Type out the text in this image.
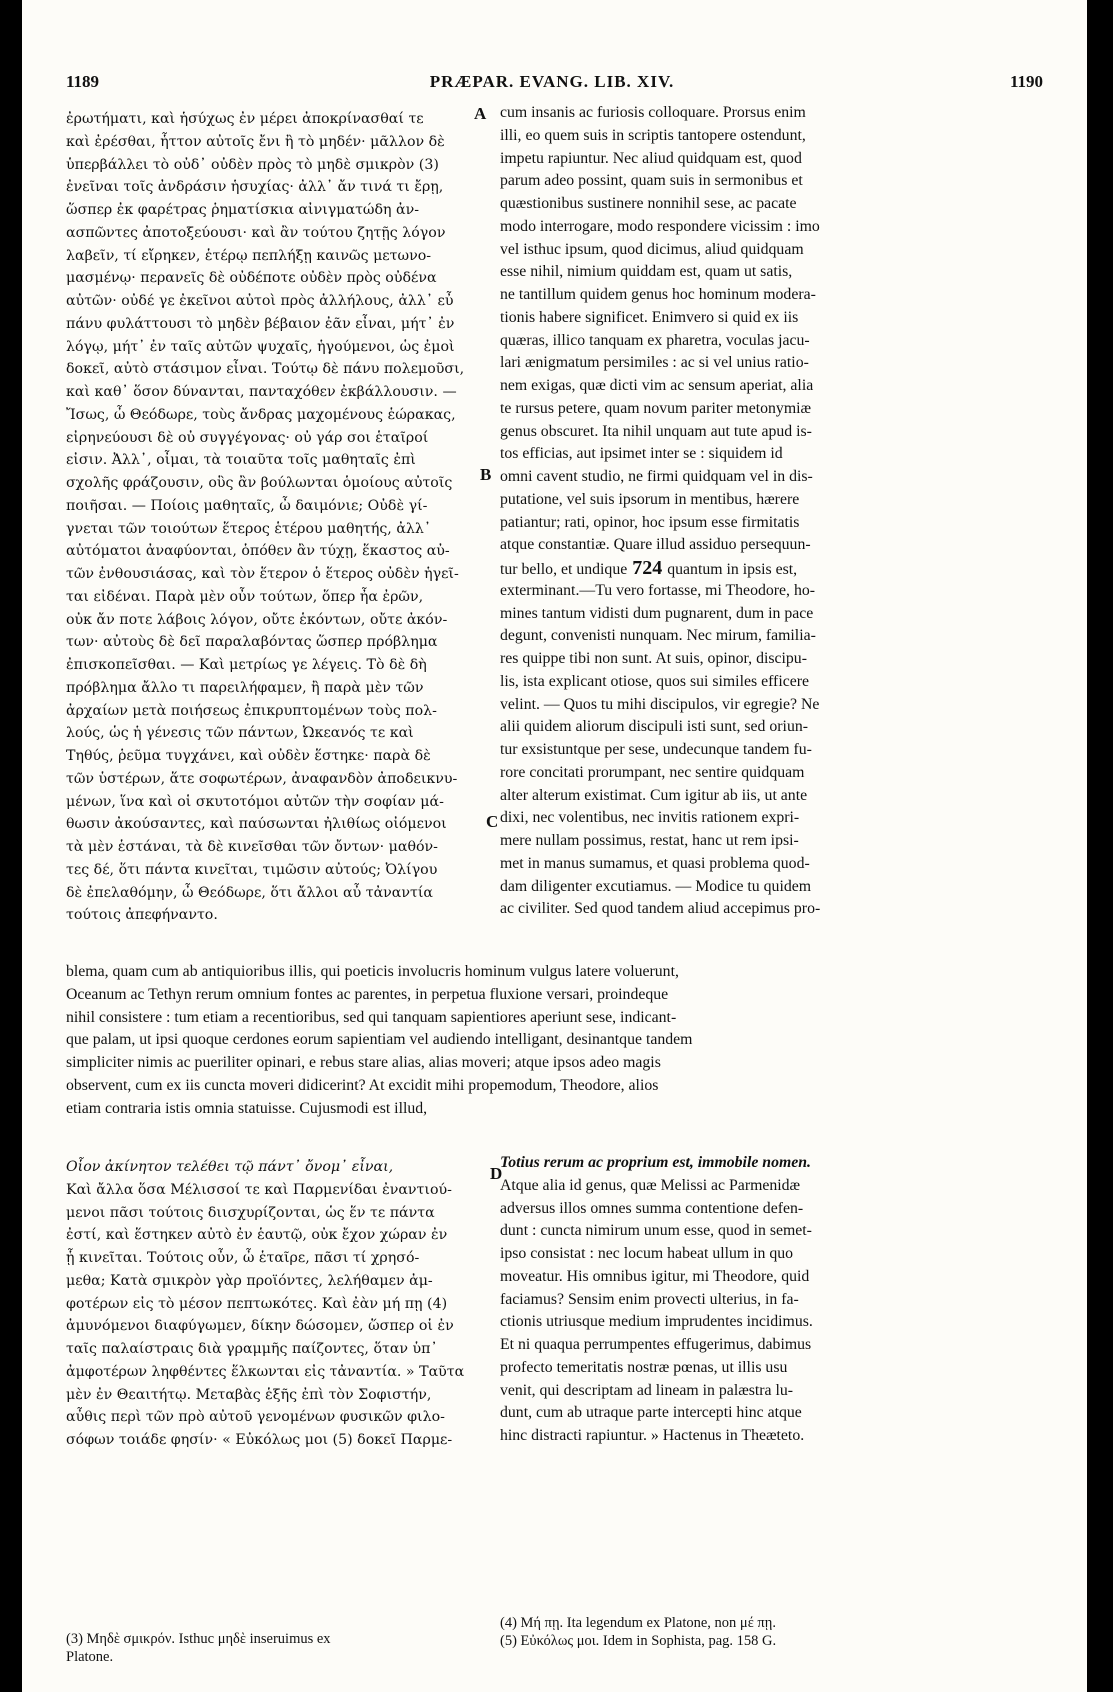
1189	PRÆPAR. EVANG. LIB. XIV.	1190
A
B
C
D
ἐρωτήματι, καὶ ἡσύχως ἐν μέρει ἀποκρίνασθαί τε
καὶ ἐρέσθαι, ἧττον αὐτοῖς ἔνι ἢ τὸ μηδέν· μᾶλλον δὲ
ὑπερβάλλει τὸ οὐδ᾽ οὐδὲν πρὸς τὸ μηδὲ σμικρὸν (3)
ἐνεῖναι τοῖς ἀνδράσιν ἡσυχίας· ἀλλ᾽ ἄν τινά τι ἔρῃ,
ὥσπερ ἐκ φαρέτρας ῥηματίσκια αἰνιγματώδη ἀν-
ασπῶντες ἀποτοξεύουσι· καὶ ἂν τούτου ζητῇς λόγον
λαβεῖν, τί εἴρηκεν, ἑτέρῳ πεπλήξῃ καινῶς μετωνο-
μασμένῳ· περανεῖς δὲ οὐδέποτε οὐδὲν πρὸς οὐδένα
αὐτῶν· οὐδέ γε ἐκεῖνοι αὐτοὶ πρὸς ἀλλήλους, ἀλλ᾽ εὖ
πάνυ φυλάττουσι τὸ μηδὲν βέβαιον ἐᾶν εἶναι, μήτ᾽ ἐν
λόγῳ, μήτ᾽ ἐν ταῖς αὐτῶν ψυχαῖς, ἡγούμενοι, ὡς ἐμοὶ
δοκεῖ, αὐτὸ στάσιμον εἶναι. Τούτῳ δὲ πάνυ πολεμοῦσι,
καὶ καθ᾽ ὅσον δύνανται, πανταχόθεν ἐκβάλλουσιν. —
Ἴσως, ὦ Θεόδωρε, τοὺς ἄνδρας μαχομένους ἑώρακας,
εἰρηνεύουσι δὲ οὐ συγγέγονας· οὐ γάρ σοι ἑταῖροί
εἰσιν. Ἀλλ᾽, οἶμαι, τὰ τοιαῦτα τοῖς μαθηταῖς ἐπὶ
σχολῆς φράζουσιν, οὓς ἂν βούλωνται ὁμοίους αὐτοῖς
ποιῆσαι. — Ποίοις μαθηταῖς, ὦ δαιμόνιε; Οὐδὲ γί-
γνεται τῶν τοιούτων ἕτερος ἑτέρου μαθητής, ἀλλ᾽
αὐτόματοι ἀναφύονται, ὁπόθεν ἂν τύχῃ, ἕκαστος αὐ-
τῶν ἐνθουσιάσας, καὶ τὸν ἕτερον ὁ ἕτερος οὐδὲν ἡγεῖ-
ται εἰδέναι. Παρὰ μὲν οὖν τούτων, ὅπερ ἦα ἐρῶν,
οὐκ ἄν ποτε λάβοις λόγον, οὔτε ἑκόντων, οὔτε ἀκόν-
των· αὐτοὺς δὲ δεῖ παραλαβόντας ὥσπερ πρόβλημα
ἐπισκοπεῖσθαι. — Καὶ μετρίως γε λέγεις. Τὸ δὲ δὴ
πρόβλημα ἄλλο τι παρειλήφαμεν, ἢ παρὰ μὲν τῶν
ἀρχαίων μετὰ ποιήσεως ἐπικρυπτομένων τοὺς πολ-
λούς, ὡς ἡ γένεσις τῶν πάντων, Ὠκεανός τε καὶ
Τηθύς, ῥεῦμα τυγχάνει, καὶ οὐδὲν ἕστηκε· παρὰ δὲ
τῶν ὑστέρων, ἅτε σοφωτέρων, ἀναφανδὸν ἀποδεικνυ-
μένων, ἵνα καὶ οἱ σκυτοτόμοι αὐτῶν τὴν σοφίαν μά-
θωσιν ἀκούσαντες, καὶ παύσωνται ἠλιθίως οἰόμενοι
τὰ μὲν ἑστάναι, τὰ δὲ κινεῖσθαι τῶν ὄντων· μαθόν-
τες δέ, ὅτι πάντα κινεῖται, τιμῶσιν αὐτούς; Ὀλίγου
δὲ ἐπελαθόμην, ὦ Θεόδωρε, ὅτι ἄλλοι αὖ τἀναντία
τούτοις ἀπεφήναντο.
cum insanis ac furiosis colloquare. Prorsus enim
illi, eo quem suis in scriptis tantopere ostendunt,
impetu rapiuntur. Nec aliud quidquam est, quod
parum adeo possint, quam suis in sermonibus et
quæstionibus sustinere nonnihil sese, ac pacate
modo interrogare, modo respondere vicissim : imo
vel isthuc ipsum, quod dicimus, aliud quidquam
esse nihil, nimium quiddam est, quam ut satis,
ne tantillum quidem genus hoc hominum modera-
tionis habere significet. Enimvero si quid ex iis
quæras, illico tanquam ex pharetra, voculas jacu-
lari ænigmatum persimiles : ac si vel unius ratio-
nem exigas, quæ dicti vim ac sensum aperiat, alia
te rursus petere, quam novum pariter metonymiæ
genus obscuret. Ita nihil unquam aut tute apud is-
tos efficias, aut ipsimet inter se : siquidem id
omni cavent studio, ne firmi quidquam vel in dis-
putatione, vel suis ipsorum in mentibus, hærere
patiantur; rati, opinor, hoc ipsum esse firmitatis
atque constantiæ. Quare illud assiduo persequun-
tur bello, et undique 724 quantum in ipsis est,
exterminant.—Tu vero fortasse, mi Theodore, ho-
mines tantum vidisti dum pugnarent, dum in pace
degunt, convenisti nunquam. Nec mirum, familia-
res quippe tibi non sunt. At suis, opinor, discipu-
lis, ista explicant otiose, quos sui similes efficere
velint. — Quos tu mihi discipulos, vir egregie? Ne
alii quidem aliorum discipuli isti sunt, sed oriun-
tur exsistuntque per sese, undecunque tandem fu-
rore concitati prorumpant, nec sentire quidquam
alter alterum existimat. Cum igitur ab iis, ut ante
dixi, nec volentibus, nec invitis rationem expri-
mere nullam possimus, restat, hanc ut rem ipsi-
met in manus sumamus, et quasi problema quod-
dam diligenter excutiamus. — Modice tu quidem
ac civiliter. Sed quod tandem aliud accepimus pro-
blema, quam cum ab antiquioribus illis, qui poeticis involucris hominum vulgus latere voluerunt,
Oceanum ac Tethyn rerum omnium fontes ac parentes, in perpetua fluxione versari, proindeque
nihil consistere : tum etiam a recentioribus, sed qui tanquam sapientiores aperiunt sese, indicant-
que palam, ut ipsi quoque cerdones eorum sapientiam vel audiendo intelligant, desinantque tandem
simpliciter nimis ac pueriliter opinari, e rebus stare alias, alias moveri; atque ipsos adeo magis
observent, cum ex iis cuncta moveri didicerint? At excidit mihi propemodum, Theodore, alios
etiam contraria istis omnia statuisse. Cujusmodi est illud,
Οἷον ἀκίνητον τελέθει τῷ πάντ᾽ ὄνομ᾽ εἶναι,
Καὶ ἄλλα ὅσα Μέλισσοί τε καὶ Παρμενίδαι ἐναντιού-
μενοι πᾶσι τούτοις διισχυρίζονται, ὡς ἕν τε πάντα
ἐστί, καὶ ἕστηκεν αὐτὸ ἐν ἑαυτῷ, οὐκ ἔχον χώραν ἐν
ᾗ κινεῖται. Τούτοις οὖν, ὦ ἑταῖρε, πᾶσι τί χρησό-
μεθα; Κατὰ σμικρὸν γὰρ προϊόντες, λελήθαμεν ἀμ-
φοτέρων εἰς τὸ μέσον πεπτωκότες. Καὶ ἐὰν μή πῃ (4)
ἀμυνόμενοι διαφύγωμεν, δίκην δώσομεν, ὥσπερ οἱ ἐν
ταῖς παλαίστραις διὰ γραμμῆς παίζοντες, ὅταν ὑπ᾽
ἀμφοτέρων ληφθέντες ἕλκωνται εἰς τἀναντία. » Ταῦτα
μὲν ἐν Θεαιτήτῳ. Μεταβὰς ἑξῆς ἐπὶ τὸν Σοφιστήν,
αὖθις περὶ τῶν πρὸ αὐτοῦ γενομένων φυσικῶν φιλο-
σόφων τοιάδε φησίν· « Εὐκόλως μοι (5) δοκεῖ Παρμε-
Totius rerum ac proprium est, immobile nomen.
Atque alia id genus, quæ Melissi ac Parmenidæ
adversus illos omnes summa contentione defen-
dunt : cuncta nimirum unum esse, quod in semet-
ipso consistat : nec locum habeat ullum in quo
moveatur. His omnibus igitur, mi Theodore, quid
faciamus? Sensim enim provecti ulterius, in fa-
ctionis utriusque medium imprudentes incidimus.
Et ni quaqua perrumpentes effugerimus, dabimus
profecto temeritatis nostræ pœnas, ut illis usu
venit, qui descriptam ad lineam in palæstra lu-
dunt, cum ab utraque parte intercepti hinc atque
hinc distracti rapiuntur. » Hactenus in Theæteto.
(3) Μηδὲ σμικρόν. Isthuc μηδὲ inseruimus ex
Platone.
(4) Μή πῃ. Ita legendum ex Platone, non μέ πῃ.
(5) Εὐκόλως μοι. Idem in Sophista, pag. 158 G.
